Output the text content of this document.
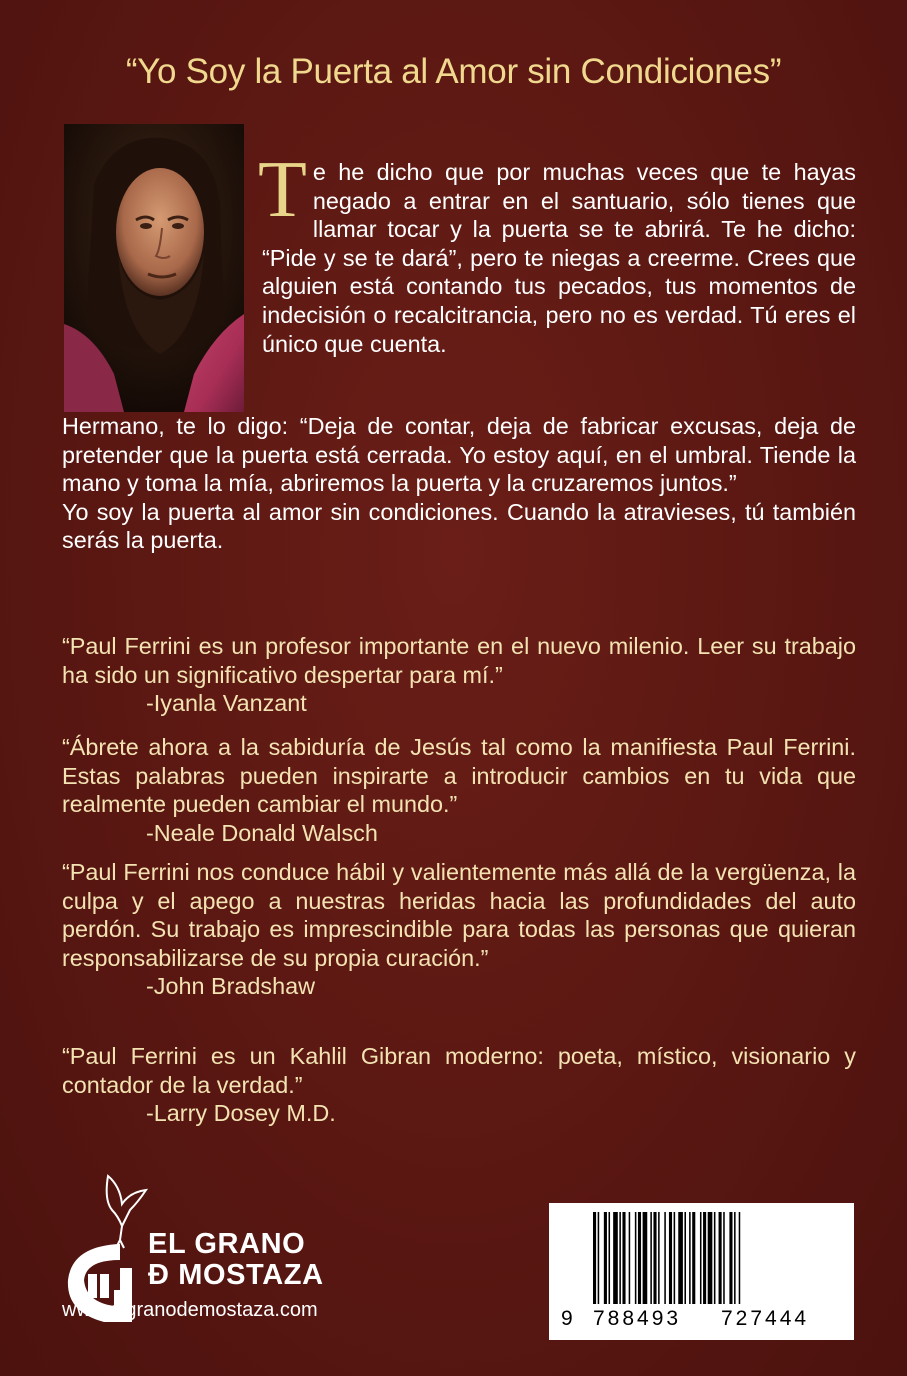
“Yo Soy la Puerta al Amor sin Condiciones”
T e he dicho que por muchas veces que te hayas negado a entrar en el santuario, sólo tienes que llamar tocar y la puerta se te abrirá. Te he dicho: “Pide y se te dará”, pero te niegas a creerme. Crees que alguien está contando tus pecados, tus momentos de indecisión o recalcitrancia, pero no es verdad. Tú eres el único que cuenta.

Hermano, te lo digo: “Deja de contar, deja de fabricar excusas, deja de pretender que la puerta está cerrada. Yo estoy aquí, en el umbral. Tiende la mano y toma la mía, abriremos la puerta y la cruzaremos juntos.”

Yo soy la puerta al amor sin condiciones. Cuando la atravieses, tú también serás la puerta.

“Paul Ferrini es un profesor importante en el nuevo milenio. Leer su trabajo ha sido un significativo despertar para mí.”

-Iyanla Vanzant

“Ábrete ahora a la sabiduría de Jesús tal como la manifiesta Paul Ferrini. Estas palabras pueden inspirarte a introducir cambios en tu vida que realmente pueden cambiar el mundo.”

-Neale Donald Walsch

“Paul Ferrini nos conduce hábil y valientemente más allá de la vergüenza, la culpa y el apego a nuestras heridas hacia las profundidades del auto perdón. Su trabajo es imprescindible para todas las personas que quieran responsabilizarse de su propia curación.”

-John Bradshaw

“Paul Ferrini es un Kahlil Gibran moderno: poeta, místico, visionario y contador de la verdad.”

-Larry Dosey M.D.
EL GRANO
Ð MOSTAZA
www.elgranodemostaza.com	9 788493	727444
